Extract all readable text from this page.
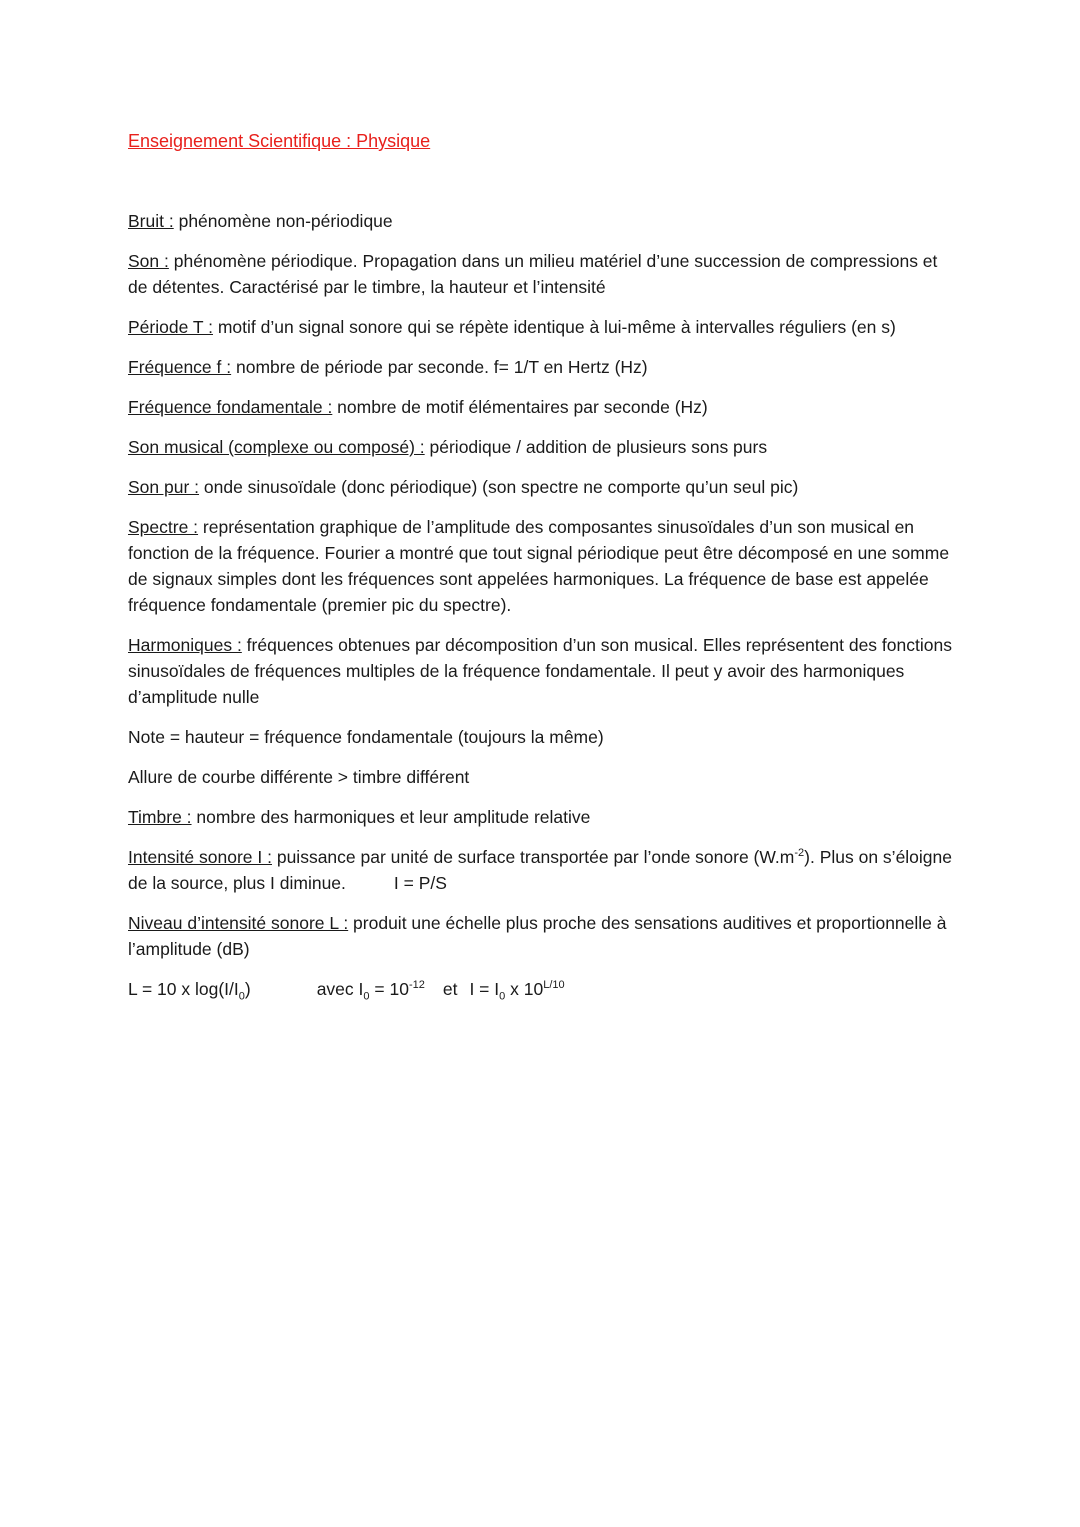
Enseignement Scientifique : Physique

Bruit : phénomène non-périodique

Son : phénomène périodique. Propagation dans un milieu matériel d’une succession de compressions et de détentes. Caractérisé par le timbre, la hauteur et l’intensité

Période T : motif d’un signal sonore qui se répète identique à lui-même à intervalles réguliers (en s)

Fréquence f : nombre de période par seconde. f= 1/T en Hertz (Hz)

Fréquence fondamentale : nombre de motif élémentaires par seconde (Hz)

Son musical (complexe ou composé) : périodique / addition de plusieurs sons purs

Son pur : onde sinusoïdale (donc périodique) (son spectre ne comporte qu’un seul pic)

Spectre : représentation graphique de l’amplitude des composantes sinusoïdales d’un son musical en fonction de la fréquence. Fourier a montré que tout signal périodique peut être décomposé en une somme de signaux simples dont les fréquences sont appelées harmoniques. La fréquence de base est appelée fréquence fondamentale (premier pic du spectre).

Harmoniques : fréquences obtenues par décomposition d’un son musical. Elles représentent des fonctions sinusoïdales de fréquences multiples de la fréquence fondamentale. Il peut y avoir des harmoniques d’amplitude nulle

Note = hauteur = fréquence fondamentale (toujours la même)

Allure de courbe différente > timbre différent

Timbre : nombre des harmoniques et leur amplitude relative

Intensité sonore I : puissance par unité de surface transportée par l’onde sonore $(W.m^{-2})$. Plus on s’éloigne de la source, plus I diminue.	I = P/S

Niveau d’intensité sonore L : produit une échelle plus proche des sensations auditives et proportionnelle à l’amplitude (dB)

L = 10 x $\log(I/I_0)$	avec $I_0 = 10^{-12}$ et $I = I_0$ x $10^{L/10}$
